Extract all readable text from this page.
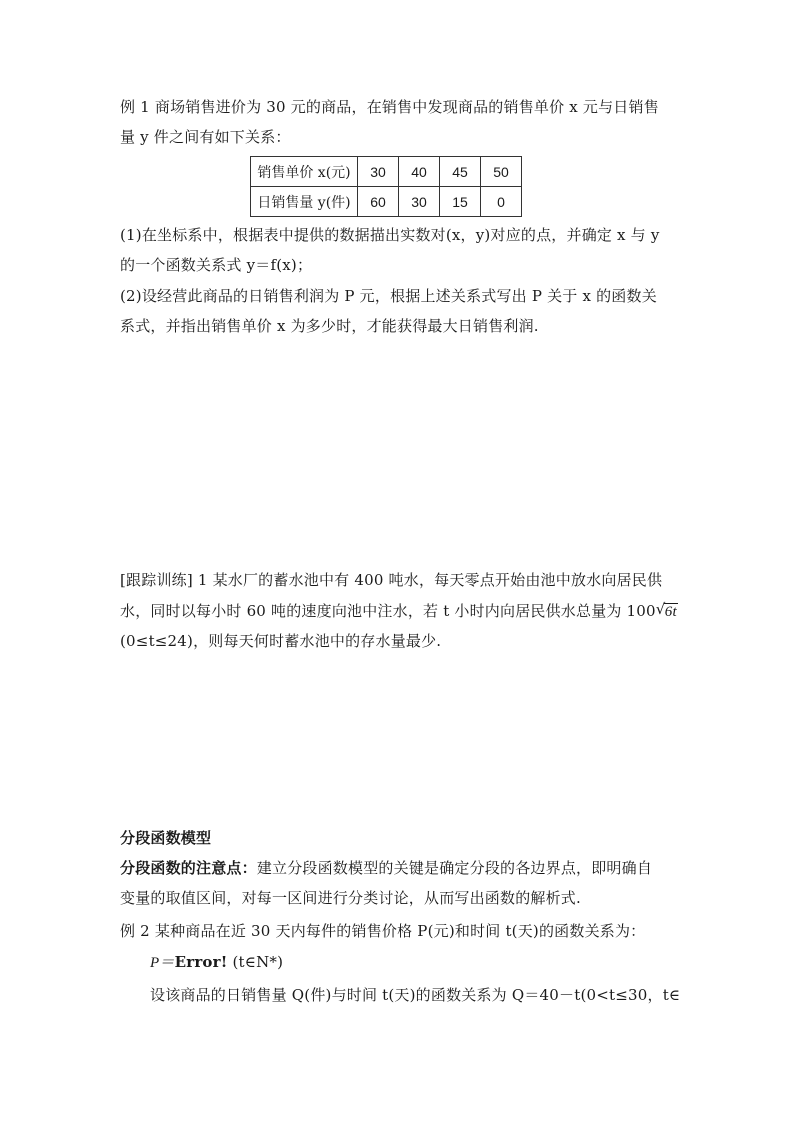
例 1 商场销售进价为 30 元的商品，在销售中发现商品的销售单价 x 元与日销售
量 y 件之间有如下关系：
销售单价 x(元)	30	40	45	50
日销售量 y(件)	60	30	15	0
(1)在坐标系中，根据表中提供的数据描出实数对(x，y)对应的点，并确定 x 与 y
的一个函数关系式 y＝f(x)；
(2)设经营此商品的日销售利润为 P 元，根据上述关系式写出 P 关于 x 的函数关
系式，并指出销售单价 x 为多少时，才能获得最大日销售利润.
[跟踪训练] 1 某水厂的蓄水池中有 400 吨水，每天零点开始由池中放水向居民供
水，同时以每小时 60 吨的速度向池中注水，若 t 小时内向居民供水总量为 100 √ 6t
(0≤t≤24)，则每天何时蓄水池中的存水量最少.
分段函数模型
分段函数的注意点：建立分段函数模型的关键是确定分段的各边界点，即明确自
变量的取值区间，对每一区间进行分类讨论，从而写出函数的解析式.
例 2 某种商品在近 30 天内每件的销售价格 P(元)和时间 t(天)的函数关系为：
P＝Error! (t∈N*)
设该商品的日销售量 Q(件)与时间 t(天)的函数关系为 Q＝40－t(0<t≤30，t∈
